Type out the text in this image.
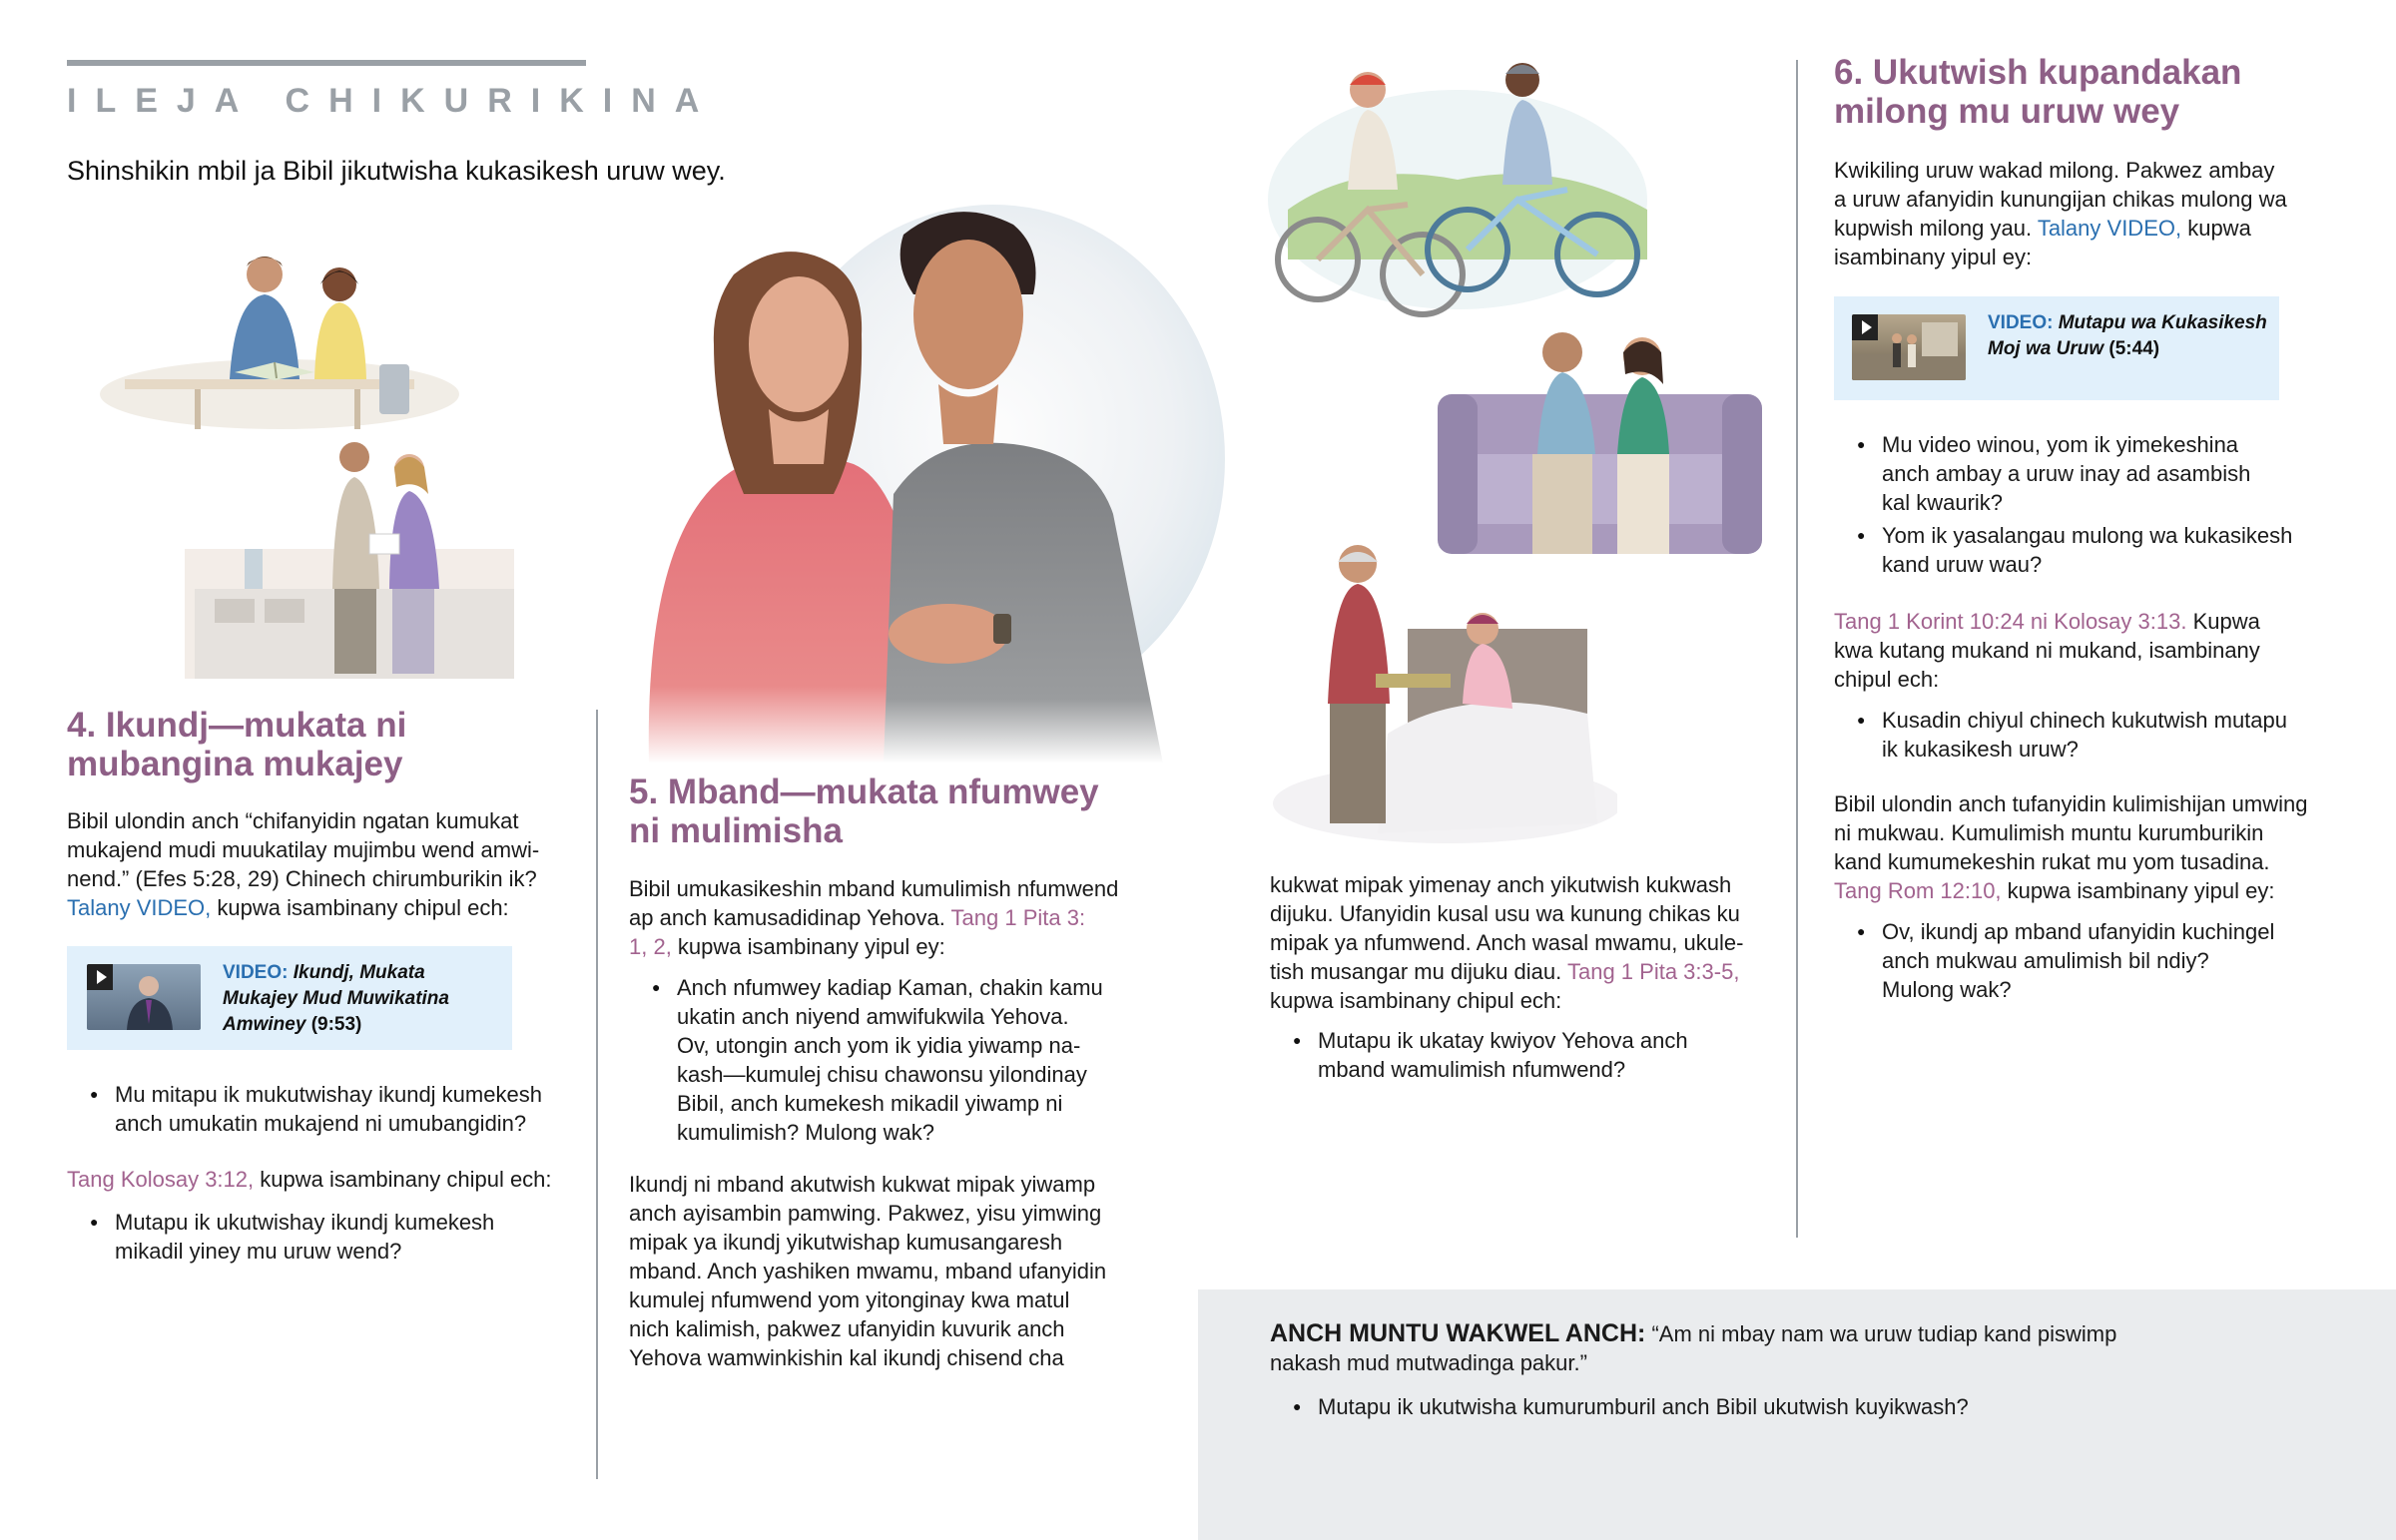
ILEJA CHIKURIKINA
Shinshikin mbil ja Bibil jikutwisha kukasikesh uruw wey.
4. Ikundj—mukata ni
mubangina mukajey
Bibil ulondin anch “chifanyidin ngatan kumukat
mukajend mudi muukatilay mujimbu wend amwi-
nend.” (Efes 5:28, 29) Chinech chirumburikin ik?
Talany VIDEO, kupwa isambinany chipul ech:
VIDEO: Ikundj, Mukata
Mukajey Mud Muwikatina
Amwiney (9:53)
● Mu mitapu ik mukutwishay ikundj kumekesh
anch umukatin mukajend ni umubangidin?
Tang Kolosay 3:12, kupwa isambinany chipul ech:
● Mutapu ik ukutwishay ikundj kumekesh
mikadil yiney mu uruw wend?
5. Mband—mukata nfumwey
ni mulimisha
Bibil umukasikeshin mband kumulimish nfumwend
ap anch kamusadidinap Yehova. Tang 1 Pita 3:
1, 2, kupwa isambinany yipul ey:
● Anch nfumwey kadiap Kaman, chakin kamu
ukatin anch niyend amwifukwila Yehova.
Ov, utongin anch yom ik yidia yiwamp na-
kash—kumulej chisu chawonsu yilondinay
Bibil, anch kumekesh mikadil yiwamp ni
kumulimish? Mulong wak?
Ikundj ni mband akutwish kukwat mipak yiwamp
anch ayisambin pamwing. Pakwez, yisu yimwing
mipak ya ikundj yikutwishap kumusangaresh
mband. Anch yashiken mwamu, mband ufanyidin
kumulej nfumwend yom yitonginay kwa matul
nich kalimish, pakwez ufanyidin kuvurik anch
Yehova wamwinkishin kal ikundj chisend cha
kukwat mipak yimenay anch yikutwish kukwash
dijuku. Ufanyidin kusal usu wa kunung chikas ku
mipak ya nfumwend. Anch wasal mwamu, ukule-
tish musangar mu dijuku diau. Tang 1 Pita 3:3-5,
kupwa isambinany chipul ech:
● Mutapu ik ukatay kwiyov Yehova anch
mband wamulimish nfumwend?
6. Ukutwish kupandakan
milong mu uruw wey
Kwikiling uruw wakad milong. Pakwez ambay
a uruw afanyidin kunungijan chikas mulong wa
kupwish milong yau. Talany VIDEO, kupwa
isambinany yipul ey:
VIDEO: Mutapu wa Kukasikesh
Moj wa Uruw (5:44)
● Mu video winou, yom ik yimekeshina
anch ambay a uruw inay ad asambish
kal kwaurik?
● Yom ik yasalangau mulong wa kukasikesh
kand uruw wau?
Tang 1 Korint 10:24 ni Kolosay 3:13. Kupwa
kwa kutang mukand ni mukand, isambinany
chipul ech:
● Kusadin chiyul chinech kukutwish mutapu
ik kukasikesh uruw?
Bibil ulondin anch tufanyidin kulimishijan umwing
ni mukwau. Kumulimish muntu kurumburikin
kand kumumekeshin rukat mu yom tusadina.
Tang Rom 12:10, kupwa isambinany yipul ey:
● Ov, ikundj ap mband ufanyidin kuchingel
anch mukwau amulimish bil ndiy?
Mulong wak?
ANCH MUNTU WAKWEL ANCH: “Am ni mbay nam wa uruw tudiap kand piswimp
nakash mud mutwadinga pakur.”
● Mutapu ik ukutwisha kumurumburil anch Bibil ukutwish kuyikwash?
